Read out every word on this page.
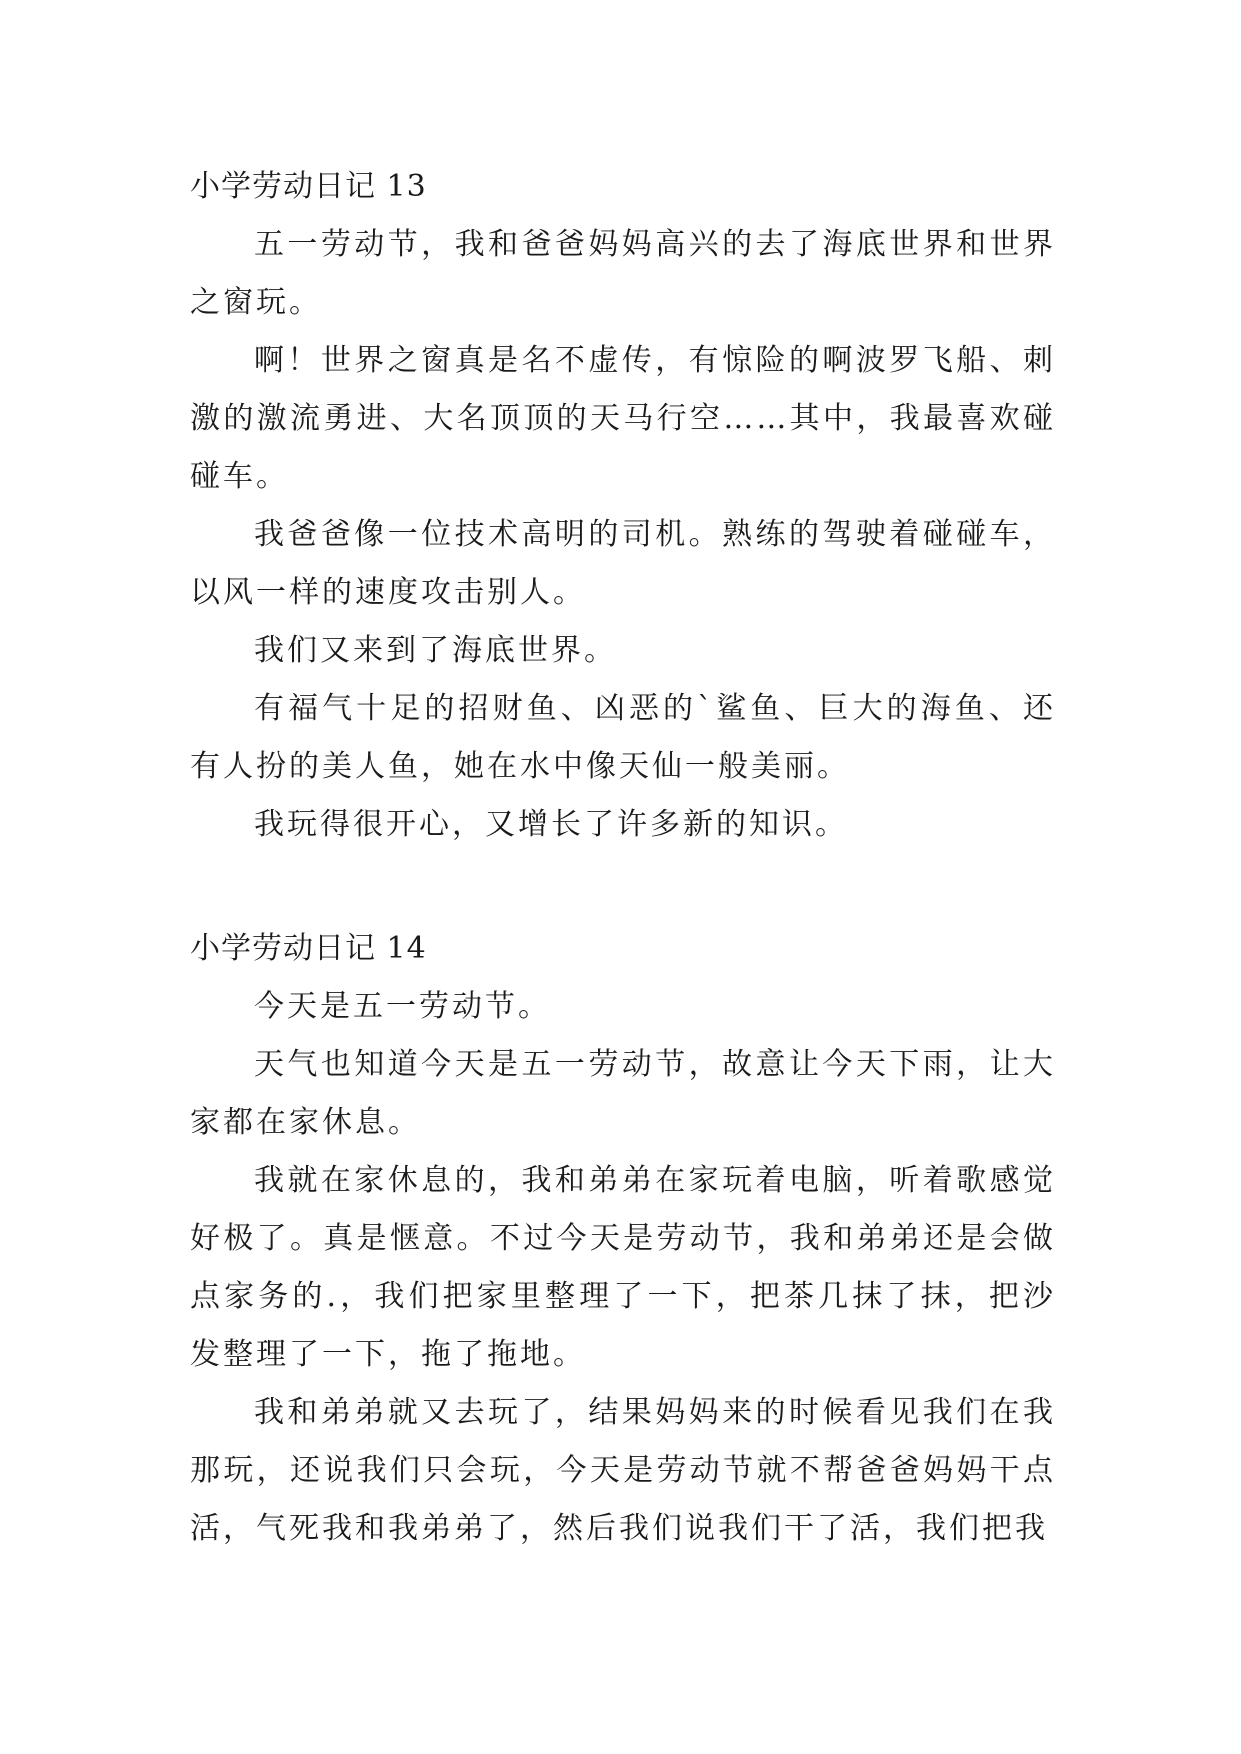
小学劳动日记 13

五一劳动节，我和爸爸妈妈高兴的去了海底世界和世界之窗玩。

啊！世界之窗真是名不虚传，有惊险的啊波罗飞船、刺激的激流勇进、大名顶顶的天马行空……其中，我最喜欢碰碰车。

我爸爸像一位技术高明的司机。熟练的驾驶着碰碰车，以风一样的速度攻击别人。

我们又来到了海底世界。

有福气十足的招财鱼、凶恶的`鲨鱼、巨大的海鱼、还有人扮的美人鱼，她在水中像天仙一般美丽。

我玩得很开心，又增长了许多新的知识。

小学劳动日记 14

今天是五一劳动节。

天气也知道今天是五一劳动节，故意让今天下雨，让大家都在家休息。

我就在家休息的，我和弟弟在家玩着电脑，听着歌感觉好极了。真是惬意。不过今天是劳动节，我和弟弟还是会做点家务的.，我们把家里整理了一下，把茶几抹了抹，把沙发整理了一下，拖了拖地。

我和弟弟就又去玩了，结果妈妈来的时候看见我们在我那玩，还说我们只会玩，今天是劳动节就不帮爸爸妈妈干点活，气死我和我弟弟了，然后我们说我们干了活，我们把我
